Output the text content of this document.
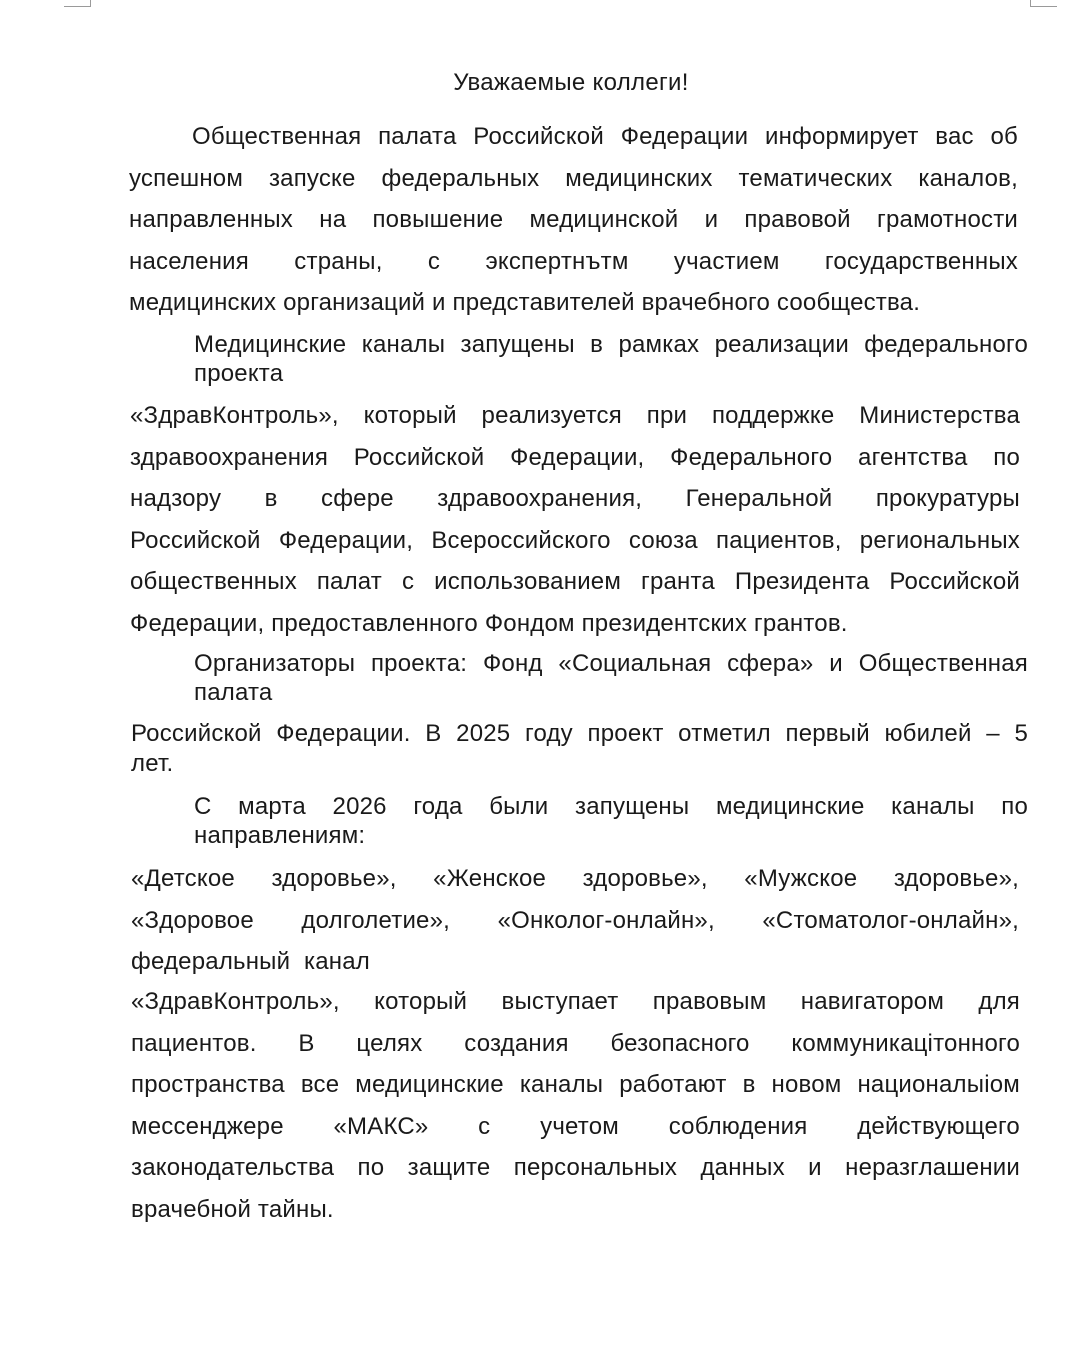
Уважаемые коллеги!

Общественная палата Российской Федерации информирует вас об

успешном запуске федеральных медицинских тематических каналов,

направленных на повышение медицинской и правовой грамотности

населения страны, с экспертнътм участием государственных

медицинских организаций и представителей врачебного сообщества.

Медицинские каналы запущены в рамках реализации федерального

проекта

«ЗдравКонтроль», который реализуется при поддержке Министерства

здравоохранения Российской Федерации, Федерального агентства по

надзору в сфере здравоохранения, Генеральной прокуратуры

Российской Федерации, Всероссийского союза пациентов, региональных

общественных палат с использованием гранта Президента Российской

Федерации, предоставленного Фондом президентских грантов.

Организаторы проекта: Фонд «Социальная сфера» и Общественная

палата

Российской Федерации. В 2025 году проект отметил первый юбилей – 5

лет.

С марта 2026 года были запущены медицинские каналы по

направлениям:

«Детское здоровье», «Женское здоровье», «Мужское здоровье»,

«Здоровое долголетие», «Онколог-онлайн», «Стоматолог-онлайн»,

федеральный  канал

«ЗдравКонтроль», который выступает правовым навигатором для

пациентов. В целях создания безопасного коммуникацiтонного

пространства все медицинские каналы работают в новом националыiом

мессенджере «МАКС» с учетом соблюдения действующего

законодательства по защите персональных данных и неразглашении

врачебной тайны.
